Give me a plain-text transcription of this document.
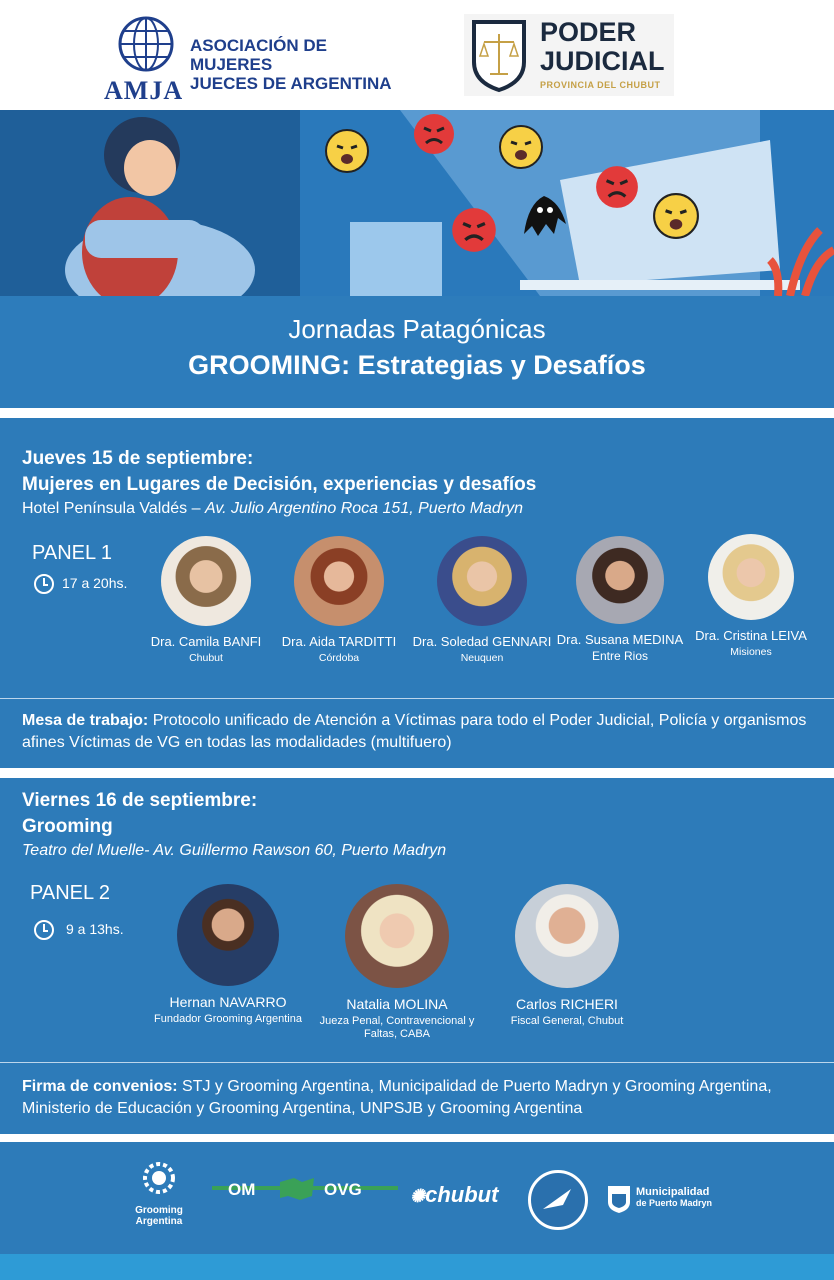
AMJA
ASOCIACIÓN DE MUJERES
JUECES DE ARGENTINA
PODER
JUDICIAL
PROVINCIA DEL CHUBUT
Jornadas Patagónicas
GROOMING: Estrategias y Desafíos
Jueves 15 de septiembre:
Mujeres en Lugares de Decisión, experiencias y desafíos
Hotel Península Valdés – Av. Julio Argentino Roca 151, Puerto Madryn
PANEL 1
17 a 20hs.
Dra. Camila BANFI
Chubut
Dra. Aida TARDITTI
Córdoba
Dra. Soledad GENNARI
Neuquen
Dra. Susana MEDINA
Entre Rios
Dra. Cristina LEIVA
Misiones
Mesa de trabajo: Protocolo unificado de Atención a Víctimas para todo el Poder Judicial, Policía y organismos afines Víctimas de VG en todas las modalidades (multifuero)
Viernes 16 de septiembre:
Grooming
Teatro del Muelle- Av. Guillermo Rawson 60, Puerto Madryn
PANEL 2
9 a 13hs.
Hernan NAVARRO
Fundador Grooming Argentina
Natalia MOLINA
Jueza Penal, Contravencional y Faltas, CABA
Carlos RICHERI
Fiscal General, Chubut
Firma de convenios: STJ y Grooming Argentina, Municipalidad de Puerto Madryn y Grooming Argentina, Ministerio de Educación y Grooming Argentina, UNPSJB y Grooming Argentina
Grooming
Argentina
OM	OVG	✺chubut	Municipalidad
de Puerto Madryn
